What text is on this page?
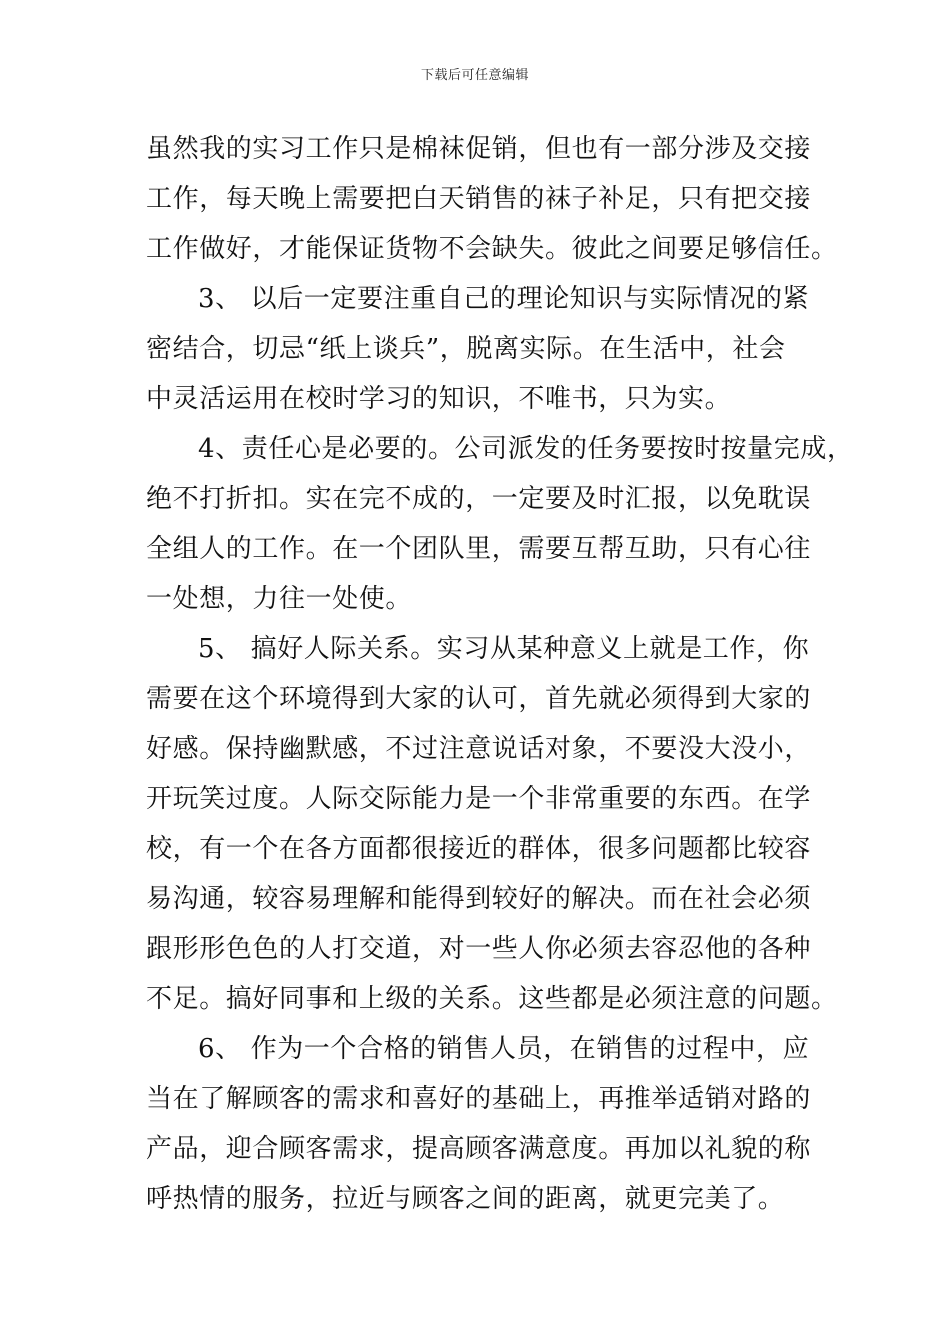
下载后可任意编辑
虽然我的实习工作只是棉袜促销，但也有一部分涉及交接
工作，每天晚上需要把白天销售的袜子补足，只有把交接
工作做好，才能保证货物不会缺失。彼此之间要足够信任。
3、 以后一定要注重自己的理论知识与实际情况的紧
密结合，切忌“纸上谈兵”，脱离实际。在生活中，社会
中灵活运用在校时学习的知识，不唯书，只为实。
4、责任心是必要的。公司派发的任务要按时按量完成，
绝不打折扣。实在完不成的，一定要及时汇报，以免耽误
全组人的工作。在一个团队里，需要互帮互助，只有心往
一处想，力往一处使。
5、 搞好人际关系。实习从某种意义上就是工作，你
需要在这个环境得到大家的认可，首先就必须得到大家的
好感。保持幽默感，不过注意说话对象，不要没大没小，
开玩笑过度。人际交际能力是一个非常重要的东西。在学
校，有一个在各方面都很接近的群体，很多问题都比较容
易沟通，较容易理解和能得到较好的解决。而在社会必须
跟形形色色的人打交道，对一些人你必须去容忍他的各种
不足。搞好同事和上级的关系。这些都是必须注意的问题。
6、 作为一个合格的销售人员，在销售的过程中，应
当在了解顾客的需求和喜好的基础上，再推举适销对路的
产品，迎合顾客需求，提高顾客满意度。再加以礼貌的称
呼热情的服务，拉近与顾客之间的距离，就更完美了。
